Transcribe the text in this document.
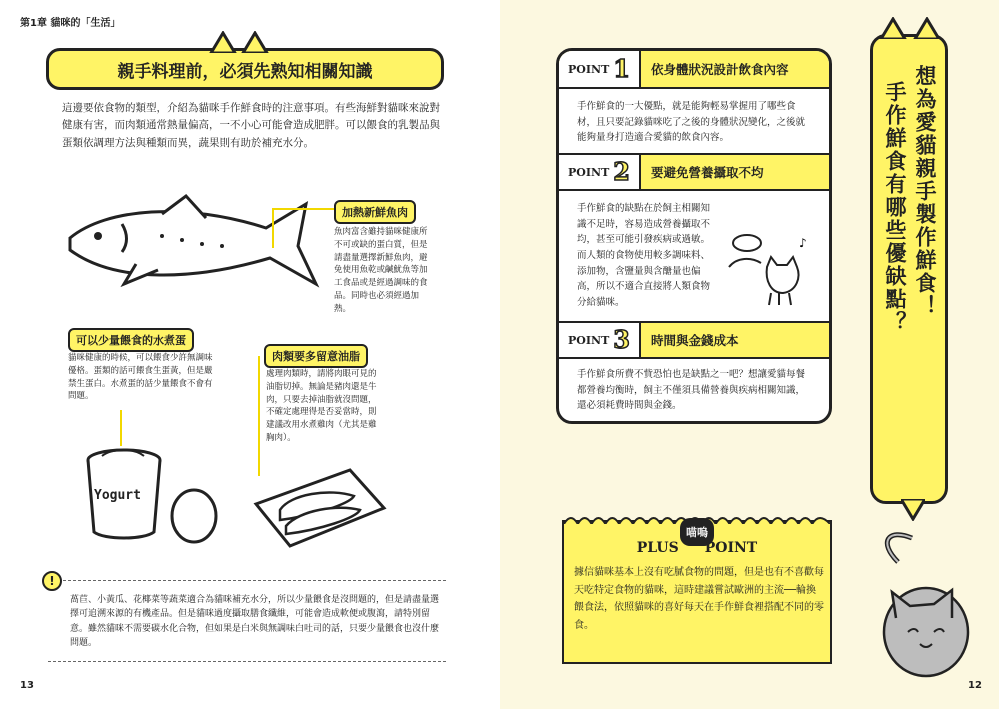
第1章 貓咪的「生活」
13
親手料理前，必須先熟知相關知識
這邊要依食物的類型，介紹為貓咪手作鮮食時的注意事項。有些海鮮對貓咪來說對健康有害，而肉類通常熱量偏高，一不小心可能會造成肥胖。可以餵食的乳製品與蛋類依調理方法與種類而異，蔬果則有助於補充水分。
加熱新鮮魚肉
魚肉富含雖持貓咪健康所不可或缺的蛋白質，但是請盡量選擇新鮮魚肉，避免使用魚乾或鹹魷魚等加工食品或是經過調味的食品。同時也必須經過加熱。
可以少量餵食的水煮蛋
貓咪健康的時候，可以餵食少許無調味優格。蛋類的話可餵食生蛋黃，但是嚴禁生蛋白。水煮蛋的話少量餵食不會有問題。
肉類要多留意油脂
處理肉類時，請將肉眼可見的油脂切掉。無論是豬肉還是牛肉，只要去掉油脂就沒問題，不確定處理得是否妥當時，則建議改用水煮雞肉（尤其是雞胸肉）。
Yogurt
!
萵苣、小黃瓜、花椰菜等蔬菜適合為貓咪補充水分，所以少量餵食是沒問題的，但是請盡量選擇可追溯來源的有機產品。但是貓咪過度攝取膳食纖維，可能會造成軟便或腹瀉，請特別留意。雖然貓咪不需要碳水化合物，但如果是白米與無調味白吐司的話，只要少量餵食也沒什麼問題。
12
POINT 1 依身體狀況設計飲食內容
手作鮮食的一大優點，就是能夠輕易掌握用了哪些食材，且只要記錄貓咪吃了之後的身體狀況變化，之後就能夠量身打造適合愛貓的飲食內容。
POINT 2 要避免營養攝取不均
手作鮮食的缺點在於飼主相關知識不足時，容易造成營養攝取不均，甚至可能引發疾病或過敏。而人類的食物使用較多調味料、添加物，含鹽量與含醣量也偏高，所以不適合直接將人類食物分給貓咪。
♪
POINT 3 時間與金錢成本
手作鮮食所費不貲恐怕也是缺點之一吧？想讓愛貓每餐都營養均衡時，飼主不僅須具備營養與疾病相關知識，還必須耗費時間與金錢。
喵嗚
PLUS POINT
據信貓咪基本上沒有吃膩食物的問題，但是也有不喜歡每天吃特定食物的貓咪，這時建議嘗試歐洲的主流──輪換餵食法，依照貓咪的喜好每天在手作鮮食裡搭配不同的零食。
想為愛貓親手製作鮮食！
手作鮮食有哪些優缺點？
